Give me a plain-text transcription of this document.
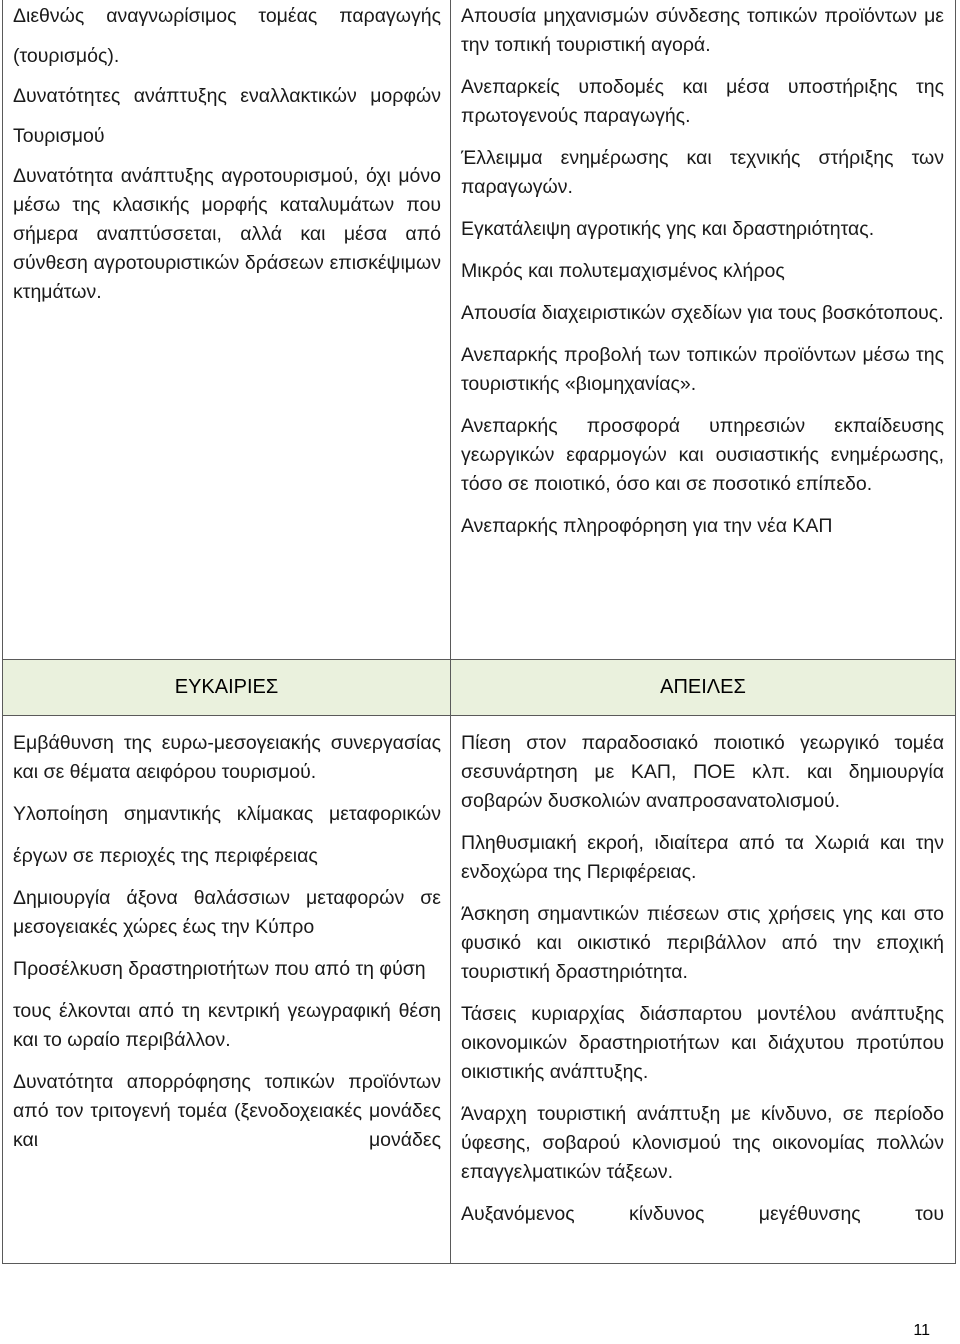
Διεθνώς αναγνωρίσιμος τομέας παραγωγής

(τουρισμός).

Δυνατότητες ανάπτυξης εναλλακτικών μορφών

Τουρισμού

Δυνατότητα ανάπτυξης αγροτουρισμού, όχι μόνο μέσω της κλασικής μορφής καταλυμάτων που σήμερα αναπτύσσεται, αλλά και μέσα από σύνθεση αγροτουριστικών δράσεων επισκέψιμων κτημάτων.

Απουσία μηχανισμών σύνδεσης τοπικών προϊόντων με την τοπική τουριστική αγορά.

Ανεπαρκείς υποδομές και μέσα υποστήριξης της πρωτογενούς παραγωγής.

Έλλειμμα ενημέρωσης και τεχνικής στήριξης των παραγωγών.

Εγκατάλειψη αγροτικής γης και δραστηριότητας.

Μικρός και πολυτεμαχισμένος κλήρος

Απουσία διαχειριστικών σχεδίων για τους βοσκότοπους.

Ανεπαρκής προβολή των τοπικών προϊόντων μέσω της τουριστικής «βιομηχανίας».

Ανεπαρκής προσφορά υπηρεσιών εκπαίδευσης γεωργικών εφαρμογών και ουσιαστικής ενημέρωσης, τόσο σε ποιοτικό, όσο και σε ποσοτικό επίπεδο.

Ανεπαρκής πληροφόρηση για την νέα ΚΑΠ

ΕΥΚΑΙΡΙΕΣ	ΑΠΕΙΛΕΣ

Εμβάθυνση της ευρω-μεσογειακής συνεργασίας και σε θέματα αειφόρου τουρισμού.

Υλοποίηση σημαντικής κλίμακας μεταφορικών

έργων σε περιοχές της περιφέρειας

Δημιουργία άξονα θαλάσσιων μεταφορών σε μεσογειακές χώρες έως την Κύπρο

Προσέλκυση δραστηριοτήτων που από τη φύση

τους έλκονται από τη κεντρική γεωγραφική θέση και το ωραίο περιβάλλον.

Δυνατότητα απορρόφησης τοπικών προϊόντων από τον τριτογενή τομέα (ξενοδοχειακές μονάδες και μονάδες

Πίεση στον παραδοσιακό ποιοτικό γεωργικό τομέα σεσυνάρτηση με ΚΑΠ, ΠΟΕ κλπ. και δημιουργία σοβαρών δυσκολιών αναπροσανατολισμού.

Πληθυσμιακή εκροή, ιδιαίτερα από τα Χωριά και την ενδοχώρα της Περιφέρειας.

Άσκηση σημαντικών πιέσεων στις χρήσεις γης και στο φυσικό και οικιστικό περιβάλλον από την εποχική τουριστική δραστηριότητα.

Τάσεις κυριαρχίας διάσπαρτου μοντέλου ανάπτυξης οικονομικών δραστηριοτήτων και διάχυτου προτύπου οικιστικής ανάπτυξης.

Άναρχη τουριστική ανάπτυξη με κίνδυνο, σε περίοδο ύφεσης, σοβαρού κλονισμού της οικονομίας πολλών επαγγελματικών τάξεων.

Αυξανόμενος κίνδυνος μεγέθυνσης του

11
